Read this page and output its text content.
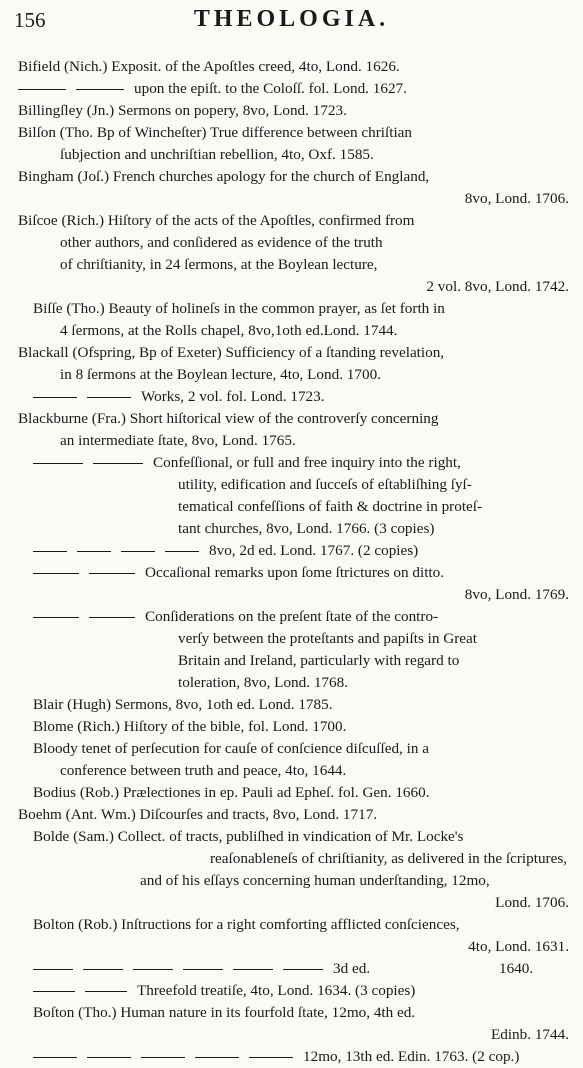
156	THEOLOGIA.
Bifield (Nich.) Exposit. of the Apoſtles creed, 4to, Lond. 1626.
upon the epiſt. to the Coloſſ. fol. Lond. 1627.
Billingſley (Jn.) Sermons on popery, 8vo, Lond. 1723.
Bilſon (Tho. Bp of Wincheſter) True difference between chriſtian
ſubjection and unchriſtian rebellion, 4to, Oxf. 1585.
Bingham (Joſ.) French churches apology for the church of England,
8vo, Lond. 1706.
Biſcoe (Rich.) Hiſtory of the acts of the Apoſtles, confirmed from
other authors, and conſidered as evidence of the truth
of chriſtianity, in 24 ſermons, at the Boylean lecture,
2 vol. 8vo, Lond. 1742.
Biſſe (Tho.) Beauty of holineſs in the common prayer, as ſet forth in
4 ſermons, at the Rolls chapel, 8vo,1oth ed.Lond. 1744.
Blackall (Ofspring, Bp of Exeter) Sufficiency of a ſtanding revelation,
in 8 ſermons at the Boylean lecture, 4to, Lond. 1700.
Works, 2 vol. fol. Lond. 1723.
Blackburne (Fra.) Short hiſtorical view of the controverſy concerning
an intermediate ſtate, 8vo, Lond. 1765.
Confeſſional, or full and free inquiry into the right,
utility, edification and ſucceſs of eſtabliſhing ſyſ-
tematical confeſſions of faith & doctrine in proteſ-
tant churches, 8vo, Lond. 1766. (3 copies)
8vo, 2d ed. Lond. 1767. (2 copies)
Occaſional remarks upon ſome ſtrictures on ditto.
8vo, Lond. 1769.
Conſiderations on the preſent ſtate of the contro-
verſy between the proteſtants and papiſts in Great
Britain and Ireland, particularly with regard to
toleration, 8vo, Lond. 1768.
Blair (Hugh) Sermons, 8vo, 1oth ed. Lond. 1785.
Blome (Rich.) Hiſtory of the bible, fol. Lond. 1700.
Bloody tenet of perſecution for cauſe of conſcience diſcuſſed, in a
conference between truth and peace, 4to, 1644.
Bodius (Rob.) Prælectiones in ep. Pauli ad Epheſ. fol. Gen. 1660.
Boehm (Ant. Wm.) Diſcourſes and tracts, 8vo, Lond. 1717.
Bolde (Sam.) Collect. of tracts, publiſhed in vindication of Mr. Locke's
reaſonableneſs of chriſtianity, as delivered in the ſcriptures,
and of his eſſays concerning human underſtanding, 12mo,
Lond. 1706.
Bolton (Rob.) Inſtructions for a right comforting afflicted conſciences,
4to, Lond. 1631.
3d ed.	1640.
Threefold treatiſe, 4to, Lond. 1634. (3 copies)
Boſton (Tho.) Human nature in its fourfold ſtate, 12mo, 4th ed.
Edinb. 1744.
12mo, 13th ed. Edin. 1763. (2 cop.)
